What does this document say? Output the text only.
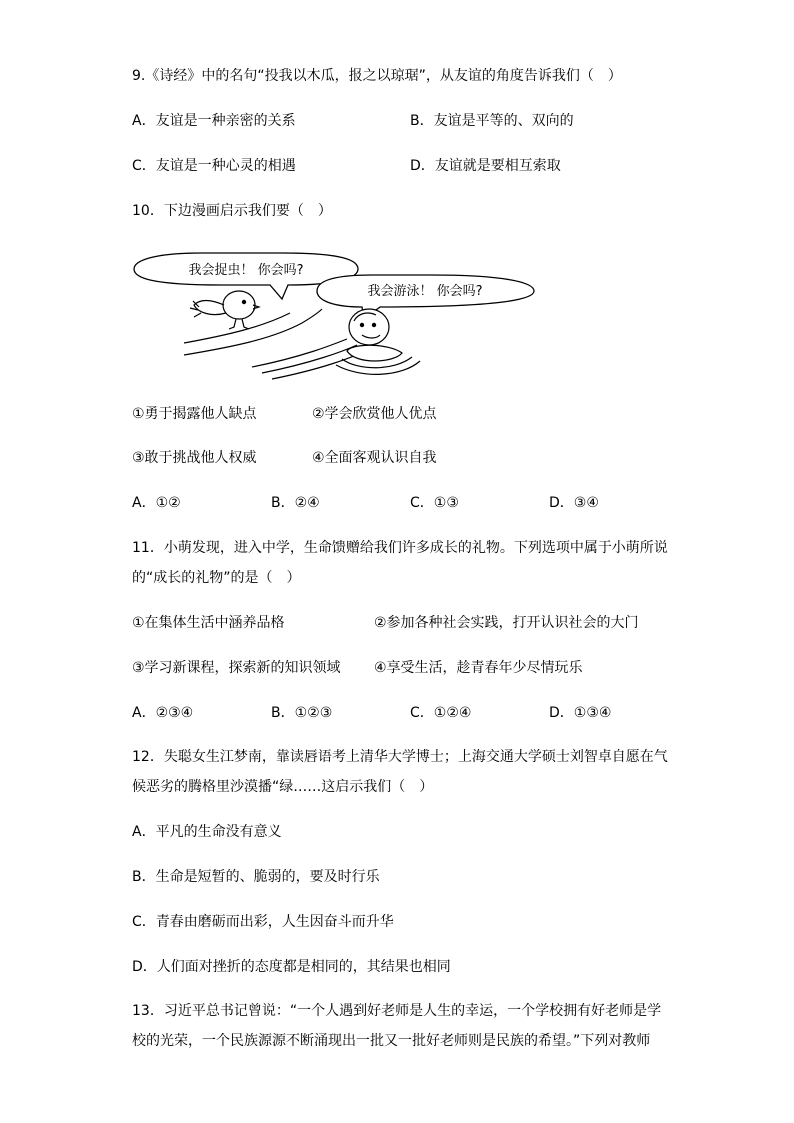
9.《诗经》中的名句“投我以木瓜，报之以琼琚”，从友谊的角度告诉我们（　）
A．友谊是一种亲密的关系	B．友谊是平等的、双向的
C．友谊是一种心灵的相遇	D．友谊就是要相互索取
10．下边漫画启示我们要（　）
我会捉虫！ 你会吗?
我会游泳！ 你会吗?
①勇于揭露他人缺点	②学会欣赏他人优点
③敢于挑战他人权威	④全面客观认识自我
A．①②	B．②④	C．①③	D．③④
11．小萌发现，进入中学，生命馈赠给我们许多成长的礼物。下列选项中属于小萌所说
的“成长的礼物”的是（　）
①在集体生活中涵养品格	②参加各种社会实践，打开认识社会的大门
③学习新课程，探索新的知识领域 ④享受生活，趁青春年少尽情玩乐
A．②③④	B．①②③	C．①②④	D．①③④
12．失聪女生江梦南，靠读唇语考上清华大学博士；上海交通大学硕士刘智卓自愿在气
候恶劣的腾格里沙漠播“绿……这启示我们（　）
A．平凡的生命没有意义
B．生命是短暂的、脆弱的，要及时行乐
C．青春由磨砺而出彩，人生因奋斗而升华
D．人们面对挫折的态度都是相同的，其结果也相同
13．习近平总书记曾说：“一个人遇到好老师是人生的幸运，一个学校拥有好老师是学
校的光荣，一个民族源源不断涌现出一批又一批好老师则是民族的希望。”下列对教师
